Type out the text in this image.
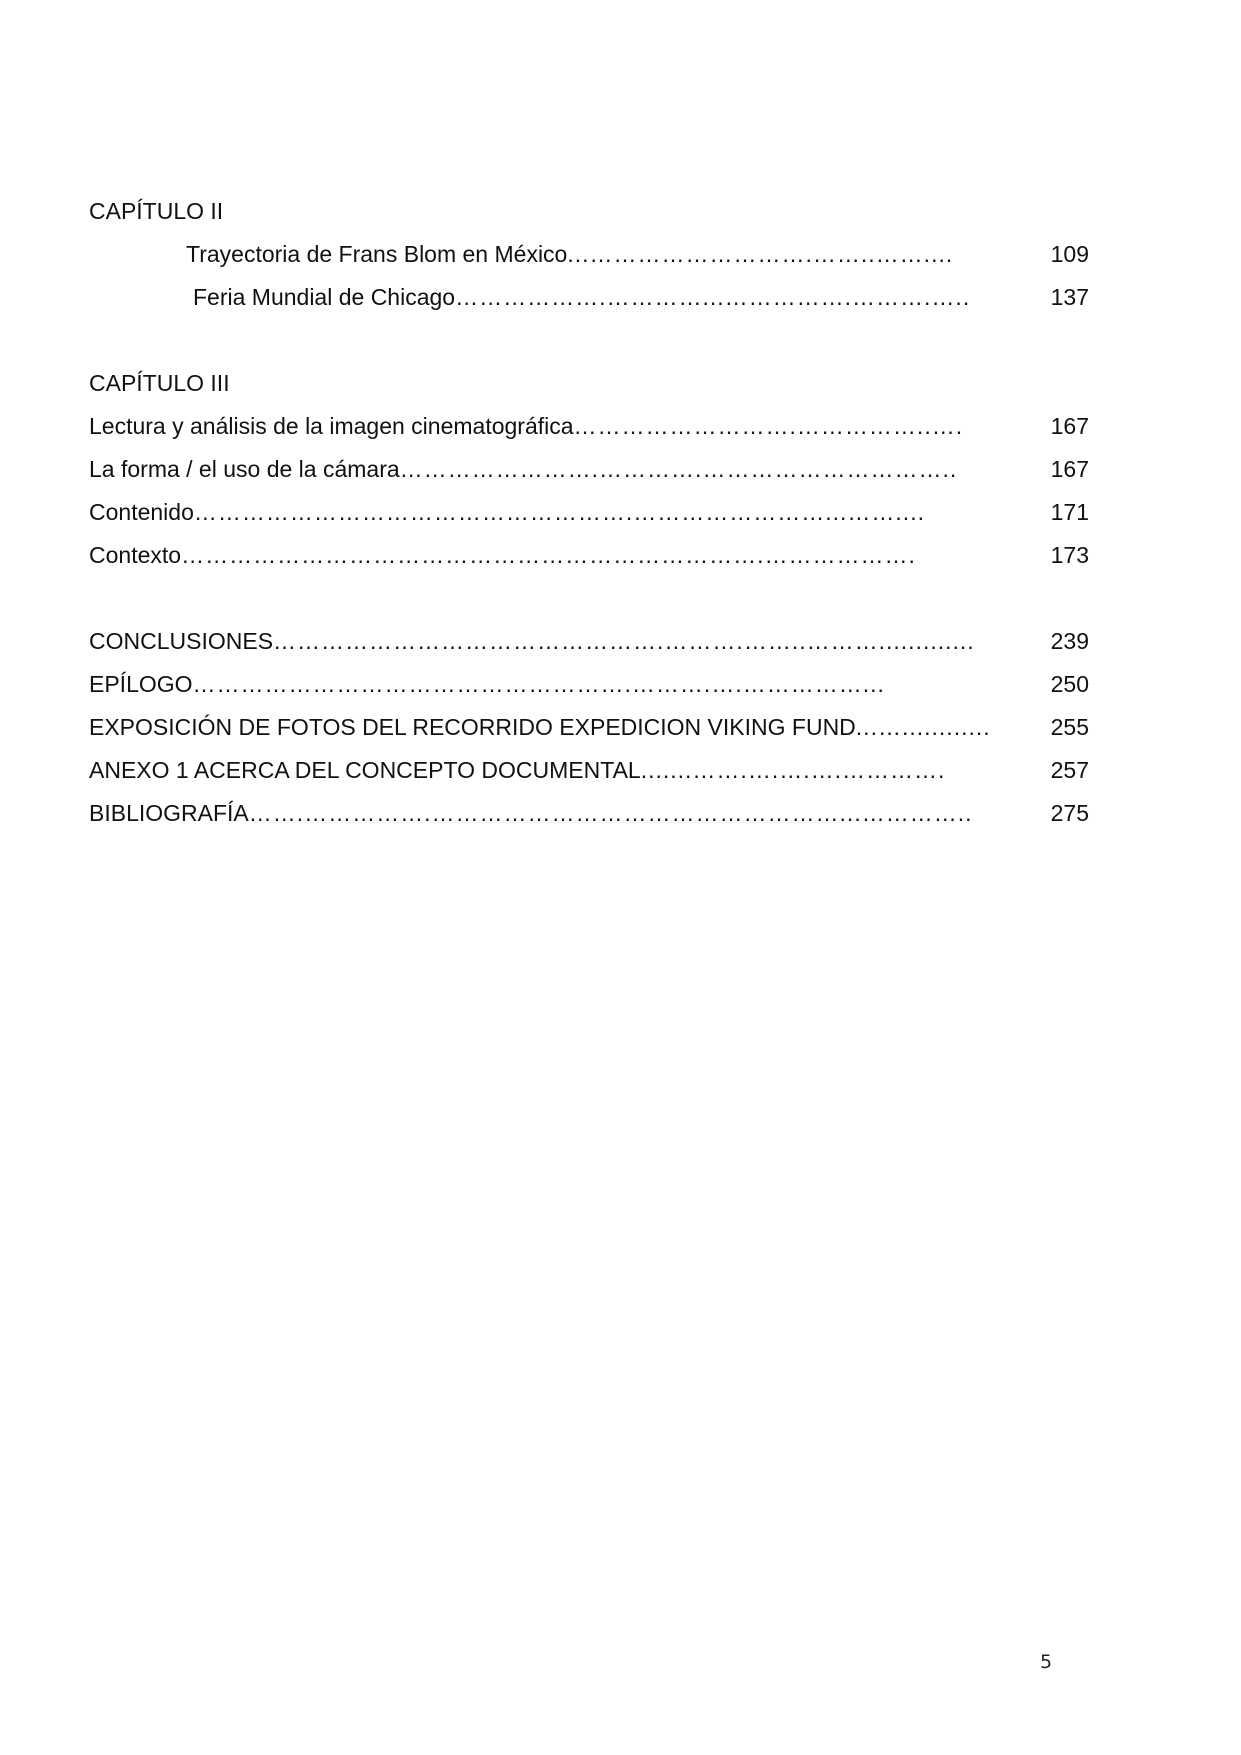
CAPÍTULO II
Trayectoria de Frans Blom en México ...……………………….……..……....	109
Feria Mundial de Chicago ……………….…………...…………….……….…..	137
CAPÍTULO III
Lectura y análisis de la imagen cinematográfica ……………………….……………..….	167
La forma / el uso de la cámara …………………….………….…………………………..	167
Contenido ……………………………………………….……………………...……....	171
Contexto ……………………………………………………………….……………….	173
CONCLUSIONES ………………………………………….……….……..……….............	239
EPÍLOGO ……………………………………………….……….….……………...	250
EXPOSICIÓN DE FOTOS DEL RECORRIDO EXPEDICION VIKING FUND ...…............	255
ANEXO 1 ACERCA DEL CONCEPTO DOCUMENTAL .......…….….….….………….	257
BIBLIOGRAFÍA …….…………….……………………………………………...…………..	275
5
